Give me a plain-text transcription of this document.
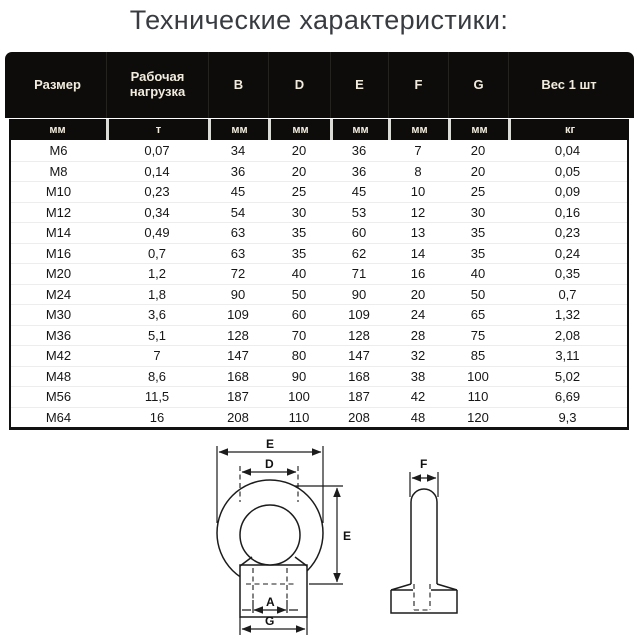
Технические характеристики:
Размер	Рабочая нагрузка	B	D	E	F	G	Вес 1 шт
мм	т	мм	мм	мм	мм	мм	кг
M6	0,07	34	20	36	7	20	0,04
M8	0,14	36	20	36	8	20	0,05
M10	0,23	45	25	45	10	25	0,09
M12	0,34	54	30	53	12	30	0,16
M14	0,49	63	35	60	13	35	0,23
M16	0,7	63	35	62	14	35	0,24
M20	1,2	72	40	71	16	40	0,35
M24	1,8	90	50	90	20	50	0,7
M30	3,6	109	60	109	24	65	1,32
M36	5,1	128	70	128	28	75	2,08
M42	7	147	80	147	32	85	3,11
M48	8,6	168	90	168	38	100	5,02
M56	11,5	187	100	187	42	110	6,69
M64	16	208	110	208	48	120	9,3
E
D
E
A
G
F
